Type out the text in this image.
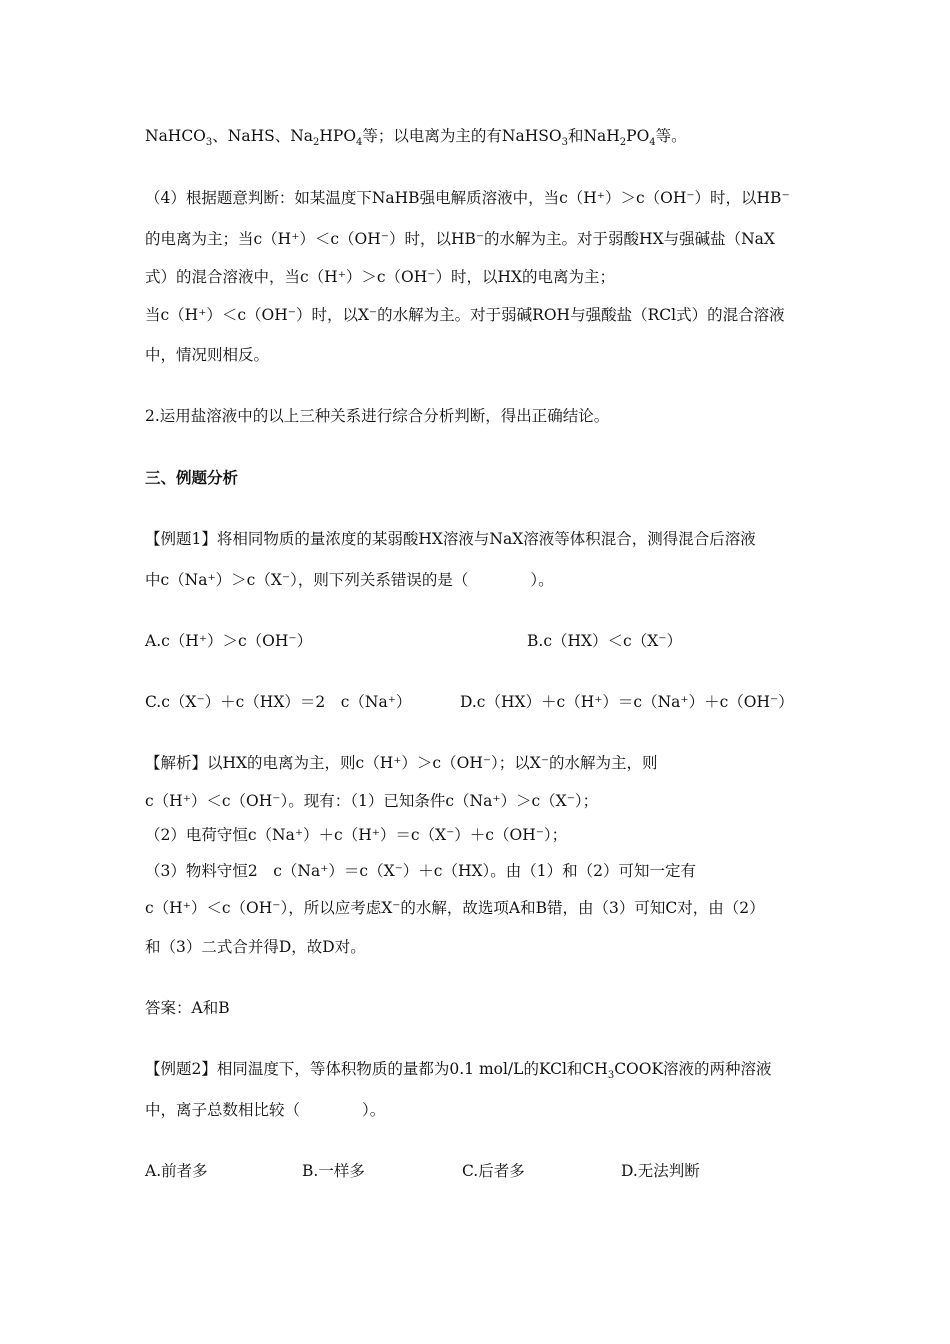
NaHCO$_3$、NaHS、$Na_2HPO_4$等；以电离为主的有NaHSO$_3$和$NaH_2PO_4$等。
（4）根据题意判断：如某温度下NaHB强电解质溶液中，当c（H⁺）＞c（OH⁻）时，以HB⁻
的电离为主；当c（H⁺）＜c（OH⁻）时，以HB⁻的水解为主。对于弱酸HX与强碱盐（NaX
式）的混合溶液中，当c（H⁺）＞c（OH⁻）时，以HX的电离为主；
当c（H⁺）＜c（OH⁻）时，以X⁻的水解为主。对于弱碱ROH与强酸盐（RCl式）的混合溶液
中，情况则相反。
2.运用盐溶液中的以上三种关系进行综合分析判断，得出正确结论。
三、例题分析
【例题1】将相同物质的量浓度的某弱酸HX溶液与NaX溶液等体积混合，测得混合后溶液
中c（Na⁺）＞c（X⁻），则下列关系错误的是（　　　　）。
A.c（H⁺）＞c（OH⁻）	B.c（HX）＜c（X⁻）
C.c（X⁻）＋c（HX）＝2　c（Na⁺）	D.c（HX）＋c（H⁺）＝c（Na⁺）＋c（OH⁻）
【解析】以HX的电离为主，则c（H⁺）＞c（OH⁻）；以X⁻的水解为主，则
c（H⁺）＜c（OH⁻）。现有：（1）已知条件c（Na⁺）＞c（X⁻）；
（2）电荷守恒c（Na⁺）＋c（H⁺）＝c（X⁻）＋c（OH⁻）；
（3）物料守恒2　c（Na⁺）＝c（X⁻）＋c（HX）。由（1）和（2）可知一定有
c（H⁺）＜c（OH⁻），所以应考虑X⁻的水解，故选项A和B错，由（3）可知C对，由（2）
和（3）二式合并得D，故D对。
答案：A和B
【例题2】相同温度下，等体积物质的量都为0.1 mol/L的KCl和$CH_3COOK$溶液的两种溶液
中，离子总数相比较（　　　　）。
A.前者多	B.一样多	C.后者多	D.无法判断
